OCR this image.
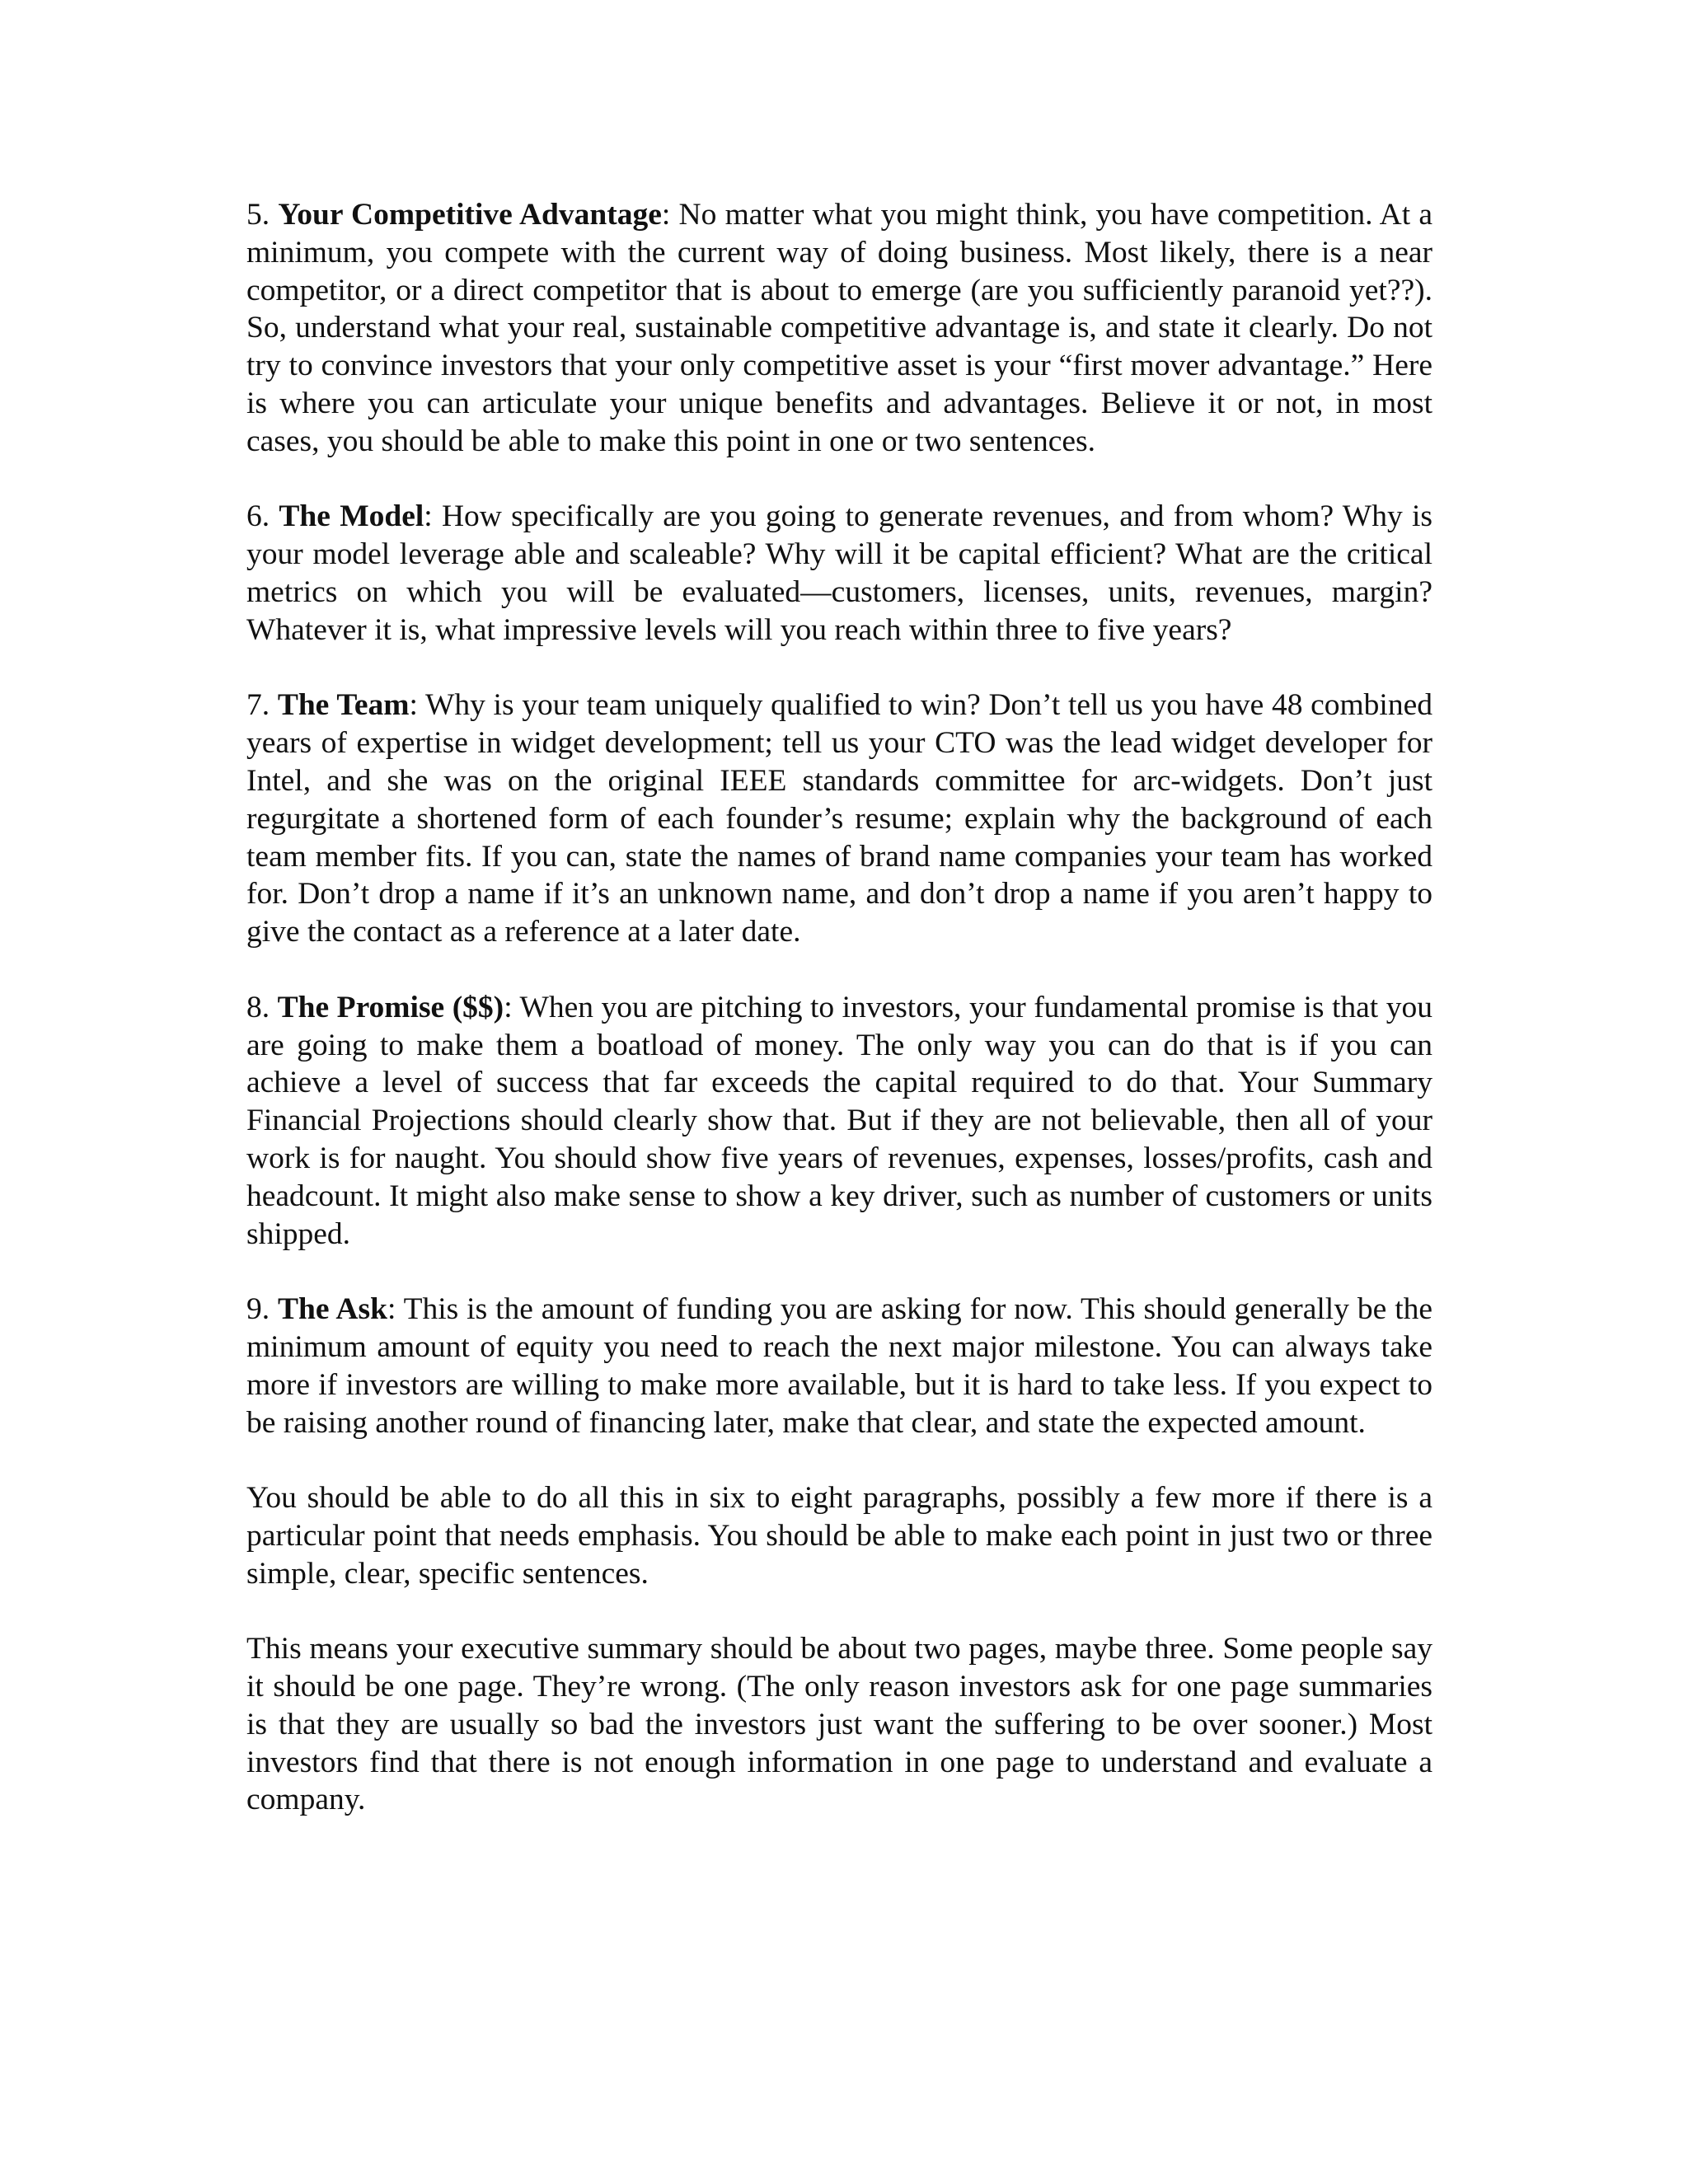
5. Your Competitive Advantage: No matter what you might think, you have competition. At a minimum, you compete with the current way of doing business. Most likely, there is a near competitor, or a direct competitor that is about to emerge (are you sufficiently paranoid yet??). So, understand what your real, sustainable competitive advantage is, and state it clearly. Do not try to convince investors that your only competitive asset is your “first mover advantage.” Here is where you can articulate your unique benefits and advantages. Believe it or not, in most cases, you should be able to make this point in one or two sentences.

6. The Model: How specifically are you going to generate revenues, and from whom? Why is your model leverage able and scaleable? Why will it be capital efficient? What are the critical metrics on which you will be evaluated—customers, licenses, units, revenues, margin? Whatever it is, what impressive levels will you reach within three to five years?

7. The Team: Why is your team uniquely qualified to win? Don’t tell us you have 48 combined years of expertise in widget development; tell us your CTO was the lead widget developer for Intel, and she was on the original IEEE standards committee for arc-widgets. Don’t just regurgitate a shortened form of each founder’s resume; explain why the background of each team member fits. If you can, state the names of brand name companies your team has worked for. Don’t drop a name if it’s an unknown name, and don’t drop a name if you aren’t happy to give the contact as a reference at a later date.

8. The Promise ($$): When you are pitching to investors, your fundamental promise is that you are going to make them a boatload of money. The only way you can do that is if you can achieve a level of success that far exceeds the capital required to do that. Your Summary Financial Projections should clearly show that. But if they are not believable, then all of your work is for naught. You should show five years of revenues, expenses, losses/profits, cash and headcount. It might also make sense to show a key driver, such as number of customers or units shipped.

9. The Ask: This is the amount of funding you are asking for now. This should generally be the minimum amount of equity you need to reach the next major milestone. You can always take more if investors are willing to make more available, but it is hard to take less. If you expect to be raising another round of financing later, make that clear, and state the expected amount.

You should be able to do all this in six to eight paragraphs, possibly a few more if there is a particular point that needs emphasis. You should be able to make each point in just two or three simple, clear, specific sentences.

This means your executive summary should be about two pages, maybe three. Some people say it should be one page. They’re wrong. (The only reason investors ask for one page summaries is that they are usually so bad the investors just want the suffering to be over sooner.) Most investors find that there is not enough information in one page to understand and evaluate a company.
